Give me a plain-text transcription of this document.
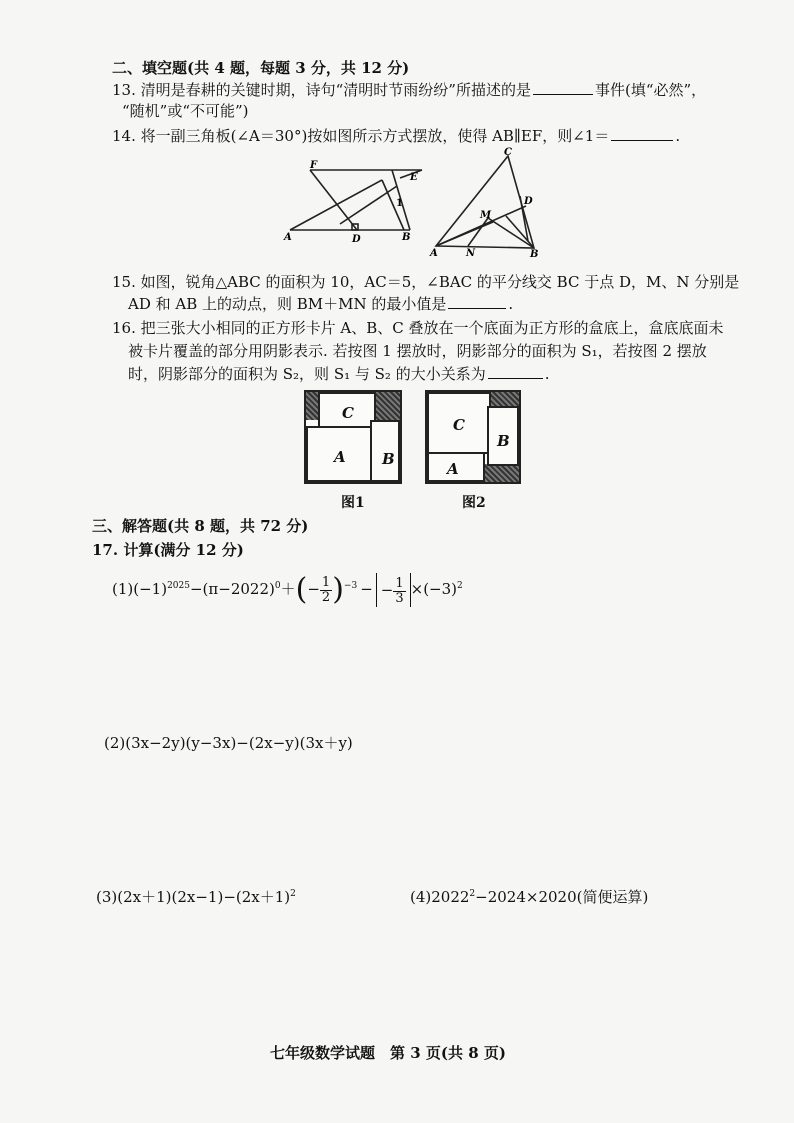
二、填空题(共 4 题，每题 3 分，共 12 分)
13. 清明是春耕的关键时期，诗句“清明时节雨纷纷”所描述的是	事件(填“必然”，
“随机”或“不可能”)
14. 将一副三角板(∠A＝30°)按如图所示方式摆放，使得 AB∥EF，则∠1＝	.
F
E
1
A	D	B
C
M
D
A	N	B
15. 如图，锐角△ABC 的面积为 10，AC＝5，∠BAC 的平分线交 BC 于点 D，M、N 分别是
AD 和 AB 上的动点，则 BM＋MN 的最小值是	.
16. 把三张大小相同的正方形卡片 A、B、C 叠放在一个底面为正方形的盒底上，盒底底面未
被卡片覆盖的部分用阴影表示. 若按图 1 摆放时，阴影部分的面积为 S₁，若按图 2 摆放
时，阴影部分的面积为 S₂，则 S₁ 与 S₂ 的大小关系为	.
C
A B
图1
C
B
A
图2
三、解答题(共 8 题，共 72 分)
17. 计算(满分 12 分)
$(1)(-1)^{2025}-(\pi-2022)^0+(- \frac{1}{2} )^{-3}$ − − $\frac{1}{3} \times(-3)^2$
(2)(3x−2y)(y−3x)−(2x−y)(3x＋y)
$(3)(2x+1)(2x-1)-(2x+1)^2$	$(4)2022^2-2024\times 2020$(简便运算)
七年级数学试题　第 3 页(共 8 页)
